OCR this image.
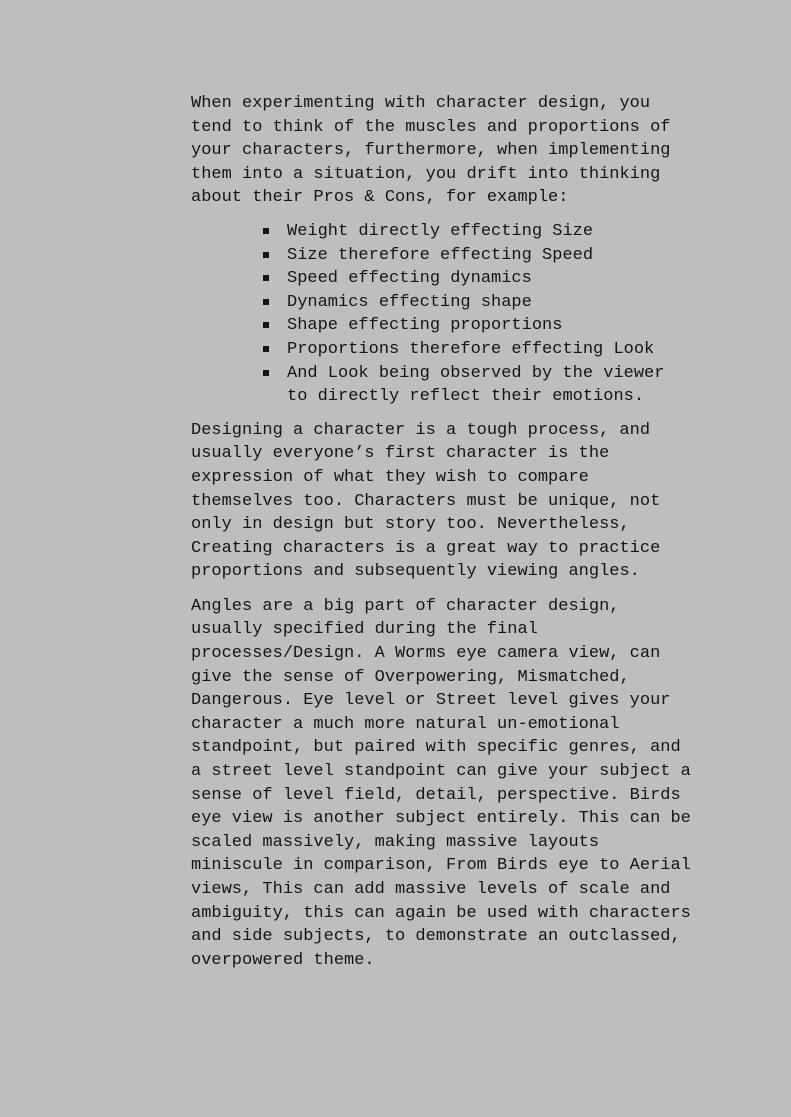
When experimenting with character design, you
tend to think of the muscles and proportions of
your characters, furthermore, when implementing
them into a situation, you drift into thinking
about their Pros & Cons, for example:

Weight directly effecting Size
Size therefore effecting Speed
Speed effecting dynamics
Dynamics effecting shape
Shape effecting proportions
Proportions therefore effecting Look
And Look being observed by the viewer
to directly reflect their emotions.

Designing a character is a tough process, and
usually everyone’s first character is the
expression of what they wish to compare
themselves too. Characters must be unique, not
only in design but story too. Nevertheless,
Creating characters is a great way to practice
proportions and subsequently viewing angles.

Angles are a big part of character design,
usually specified during the final
processes/Design. A Worms eye camera view, can
give the sense of Overpowering, Mismatched,
Dangerous. Eye level or Street level gives your
character a much more natural un-emotional
standpoint, but paired with specific genres, and
a street level standpoint can give your subject a
sense of level field, detail, perspective. Birds
eye view is another subject entirely. This can be
scaled massively, making massive layouts
miniscule in comparison, From Birds eye to Aerial
views, This can add massive levels of scale and
ambiguity, this can again be used with characters
and side subjects, to demonstrate an outclassed,
overpowered theme.
